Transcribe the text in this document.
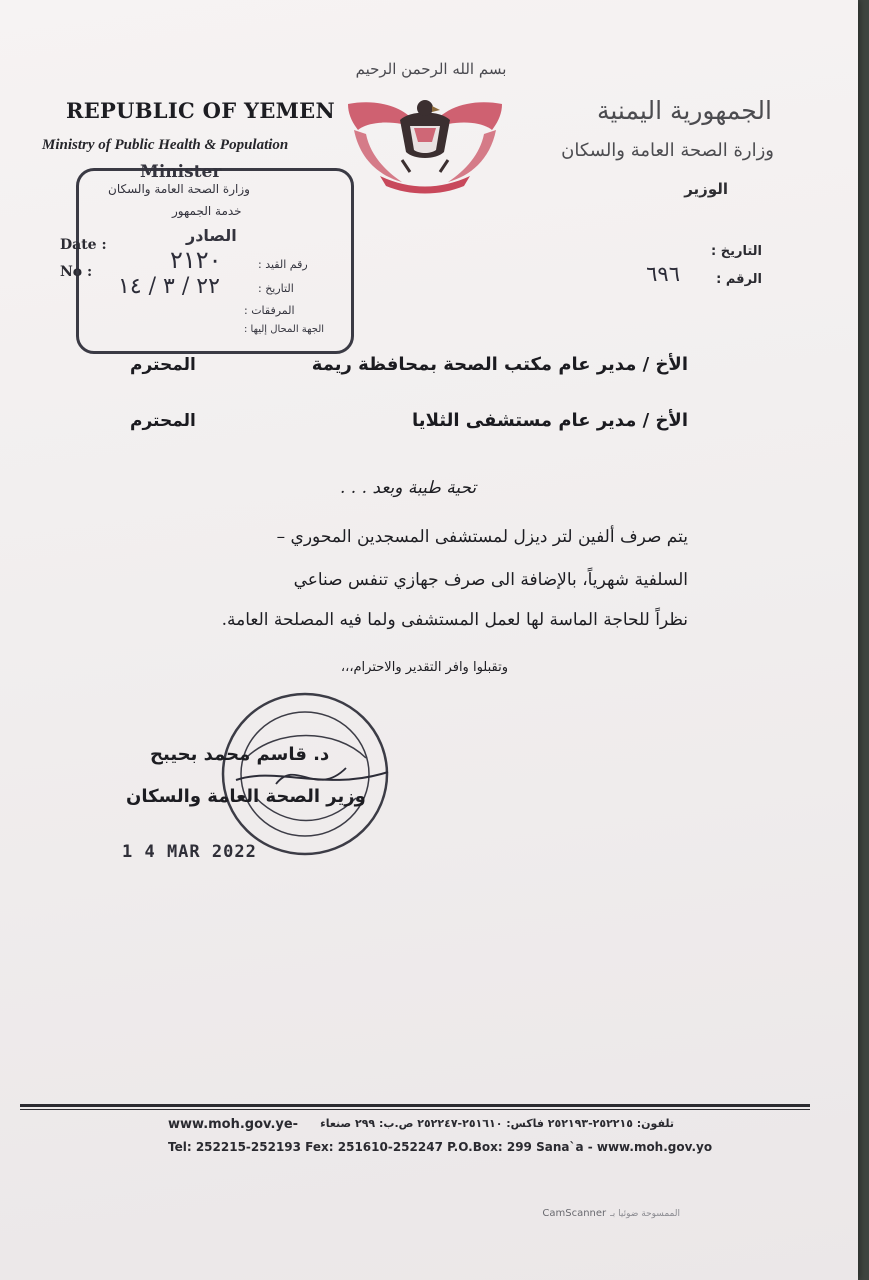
بسم الله الرحمن الرحيم
REPUBLIC OF YEMEN
Ministry of Public Health & Population
الجمهورية اليمنية
وزارة الصحة العامة والسكان
الوزير
Minister
وزارة الصحة العامة والسكان
خدمة الجمهور
الصادر
رقم القيد :
٢١٢٠
التاريخ :
٢٢ / ٣ / ١٤
المرفقات :
الجهة المحال إليها :
Date :
No :
التاريخ :
الرقم :
٦٩٦
الأخ / مدير عام مكتب الصحة بمحافظة ريمة
المحترم
الأخ / مدير عام مستشفى الثلايا
المحترم
تحية طيبة وبعد . . .
يتم صرف ألفين لتر ديزل لمستشفى المسجدين المحوري –
السلفية شهرياً، بالإضافة الى صرف جهازي تنفس صناعي
نظراً للحاجة الماسة لها لعمل المستشفى ولما فيه المصلحة العامة.
وتقبلوا وافر التقدير والاحترام،،،
د. قاسم محمد بحيبح
وزير الصحة العامة والسكان
1 4 MAR 2022
www.moh.gov.ye- تلفون: ٢٥٢٢١٥-٢٥٢١٩٣ فاكس: ٢٥١٦١٠-٢٥٢٢٤٧ ص.ب: ٢٩٩ صنعاء
Tel: 252215-252193 Fex: 251610-252247 P.O.Box: 299 Sana`a - www.moh.gov.yo
CamScanner الممسوحة ضوئيا بـ
